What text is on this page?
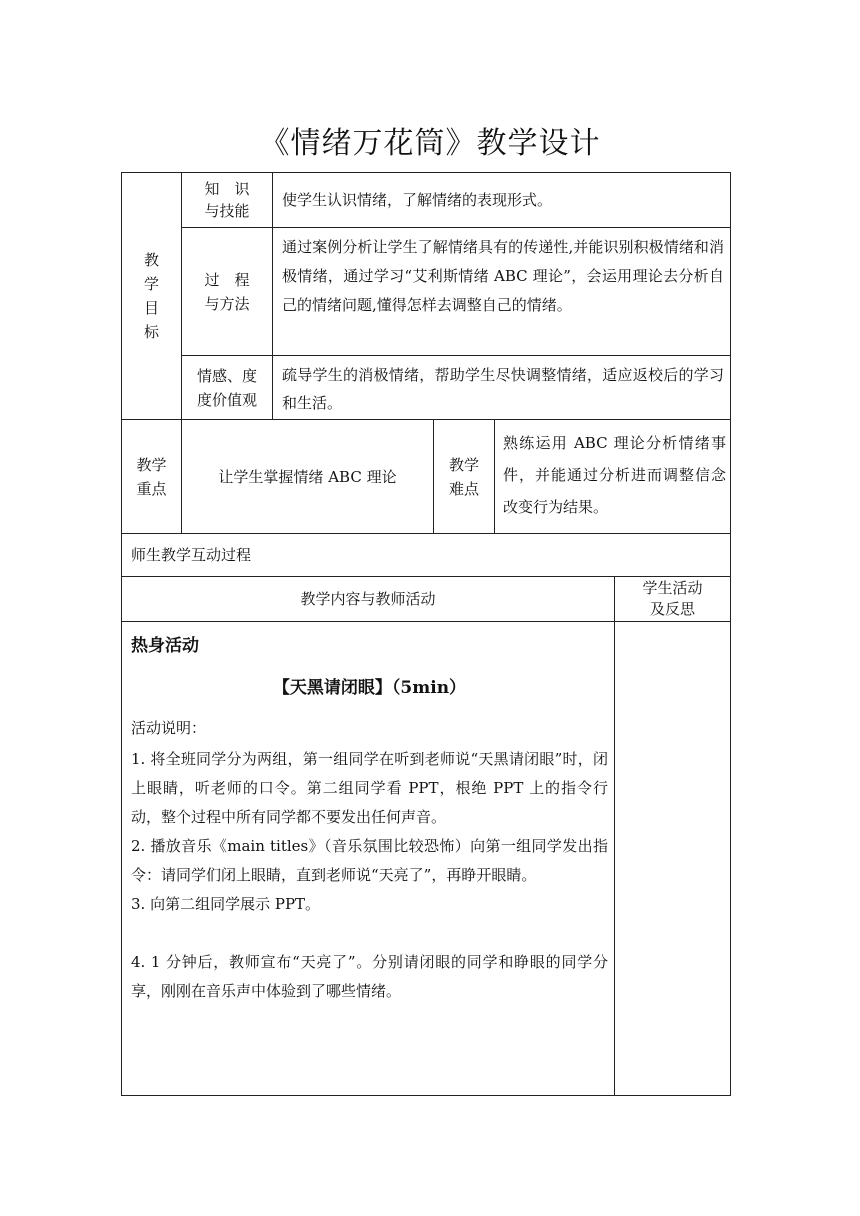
《情绪万花筒》教学设计
教
学
目
标
知　识
与技能
使学生认识情绪，了解情绪的表现形式。
过　程
与方法
通过案例分析让学生了解情绪具有的传递性,并能识别积极情绪和消极情绪，通过学习“艾利斯情绪 ABC 理论”，会运用理论去分析自己的情绪问题,懂得怎样去调整自己的情绪。
情感、度
度价值观
疏导学生的消极情绪，帮助学生尽快调整情绪，适应返校后的学习和生活。
教学
重点
让学生掌握情绪 ABC 理论
教学
难点
熟练运用 ABC 理论分析情绪事件，并能通过分析进而调整信念改变行为结果。
师生教学互动过程
教学内容与教师活动
学生活动
及反思

热身活动

【天黑请闭眼】（5min）

活动说明：

1. 将全班同学分为两组，第一组同学在听到老师说“天黑请闭眼”时，闭上眼睛，听老师的口令。第二组同学看 PPT，根绝 PPT 上的指令行动，整个过程中所有同学都不要发出任何声音。

2. 播放音乐《main titles》（音乐氛围比较恐怖）向第一组同学发出指令：请同学们闭上眼睛，直到老师说“天亮了”，再睁开眼睛。

3. 向第二组同学展示 PPT。

4. 1 分钟后，教师宣布“天亮了”。分别请闭眼的同学和睁眼的同学分享，刚刚在音乐声中体验到了哪些情绪。
